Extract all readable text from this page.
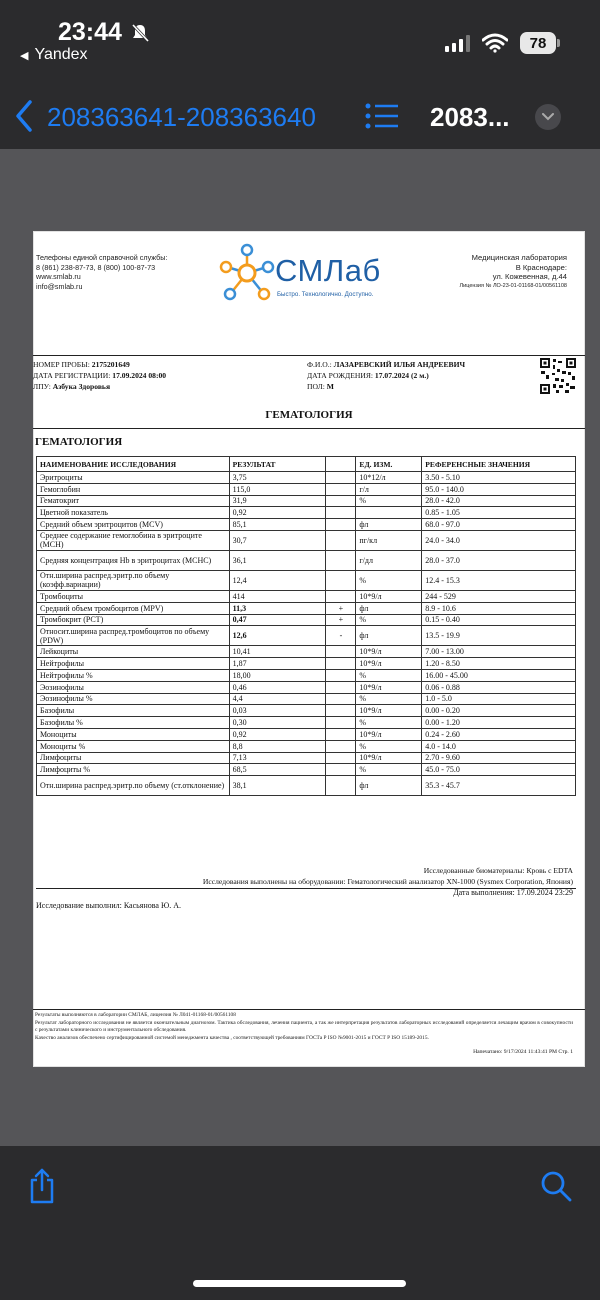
23:44
◀ Yandex
78
208363641-208363640	2083...
Телефоны единой справочной службы:
8 (861) 238-87-73, 8 (800) 100-87-73
www.smlab.ru
info@smlab.ru	СМЛаб
Быстро. Технологично. Доступно.
Медицинская лаборатория
В Краснодаре:
ул. Кожевенная, д.44
Лицензия № ЛО-23-01-01168-01/00561108
НОМЕР ПРОБЫ: 2175201649
ДАТА РЕГИСТРАЦИИ: 17.09.2024 08:00
ЛПУ: Азбука Здоровья
Ф.И.О.: ЛАЗАРЕВСКИЙ ИЛЬЯ АНДРЕЕВИЧ
ДАТА РОЖДЕНИЯ: 17.07.2024 (2 м.)
ПОЛ: М
ГЕМАТОЛОГИЯ
ГЕМАТОЛОГИЯ
НАИМЕНОВАНИЕ ИССЛЕДОВАНИЯ	РЕЗУЛЬТАТ		ЕД. ИЗМ.	РЕФЕРЕНСНЫЕ ЗНАЧЕНИЯ
Эритроциты	3,75		10*12/л	3.50 - 5.10
Гемоглобин	115,0		г/л	95.0 - 140.0
Гематокрит	31,9		%	28.0 - 42.0
Цветной показатель	0,92			0.85 - 1.05
Средний объем эритроцитов (MCV)	85,1		фл	68.0 - 97.0
Среднее содержание гемоглобина в эритроците (MCH)	30,7		пг/кл	24.0 - 34.0
Средняя концентрация Hb в эритроцитах (MCHC)	36,1		г/дл	28.0 - 37.0
Отн.ширина распред.эритр.по объему (коэфф.вариации)	12,4		%	12.4 - 15.3
Тромбоциты	414		10*9/л	244 - 529
Средний объем тромбоцитов (MPV)	11,3	+	фл	8.9 - 10.6
Тромбокрит (PCT)	0,47	+	%	0.15 - 0.40
Относит.ширина распред.тромбоцитов по объему (PDW)	12,6	-	фл	13.5 - 19.9
Лейкоциты	10,41		10*9/л	7.00 - 13.00
Нейтрофилы	1,87		10*9/л	1.20 - 8.50
Нейтрофилы %	18,00		%	16.00 - 45.00
Эозинофилы	0,46		10*9/л	0.06 - 0.88
Эозинофилы %	4,4		%	1.0 - 5.0
Базофилы	0,03		10*9/л	0.00 - 0.20
Базофилы %	0,30		%	0.00 - 1.20
Моноциты	0,92		10*9/л	0.24 - 2.60
Моноциты %	8,8		%	4.0 - 14.0
Лимфоциты	7,13		10*9/л	2.70 - 9.60
Лимфоциты %	68,5		%	45.0 - 75.0
Отн.ширина распред.эритр.по объему (ст.отклонение)	38,1		фл	35.3 - 45.7
Исследованные биоматериалы: Кровь с EDTA
Исследования выполнены на оборудовании: Гематологический анализатор XN-1000 (Sysmex Corporation, Япония)
Дата выполнения: 17.09.2024 23:29
Исследование выполнил: Касьянова Ю. А.
Результаты выполняются в лаборатории СМЛАБ, лицензия № Л041-01168-01/00561108
Результат лабораторного исследования не является окончательным диагнозом. Тактика обследования, лечения пациента, а так же интерпретация результатов лабораторных исследований определяется лечащим врачом в совокупности с результатами клинического и инструментального обследования.
Качество анализов обеспечено сертифицированной системой менеджмента качества , соответствующей требованиям ГОСТа Р ISO №9001-2015 и ГОСТ Р ISO 15189-2015.
Напечатано: 9/17/2024 11:43:41 PM Стр. 1
